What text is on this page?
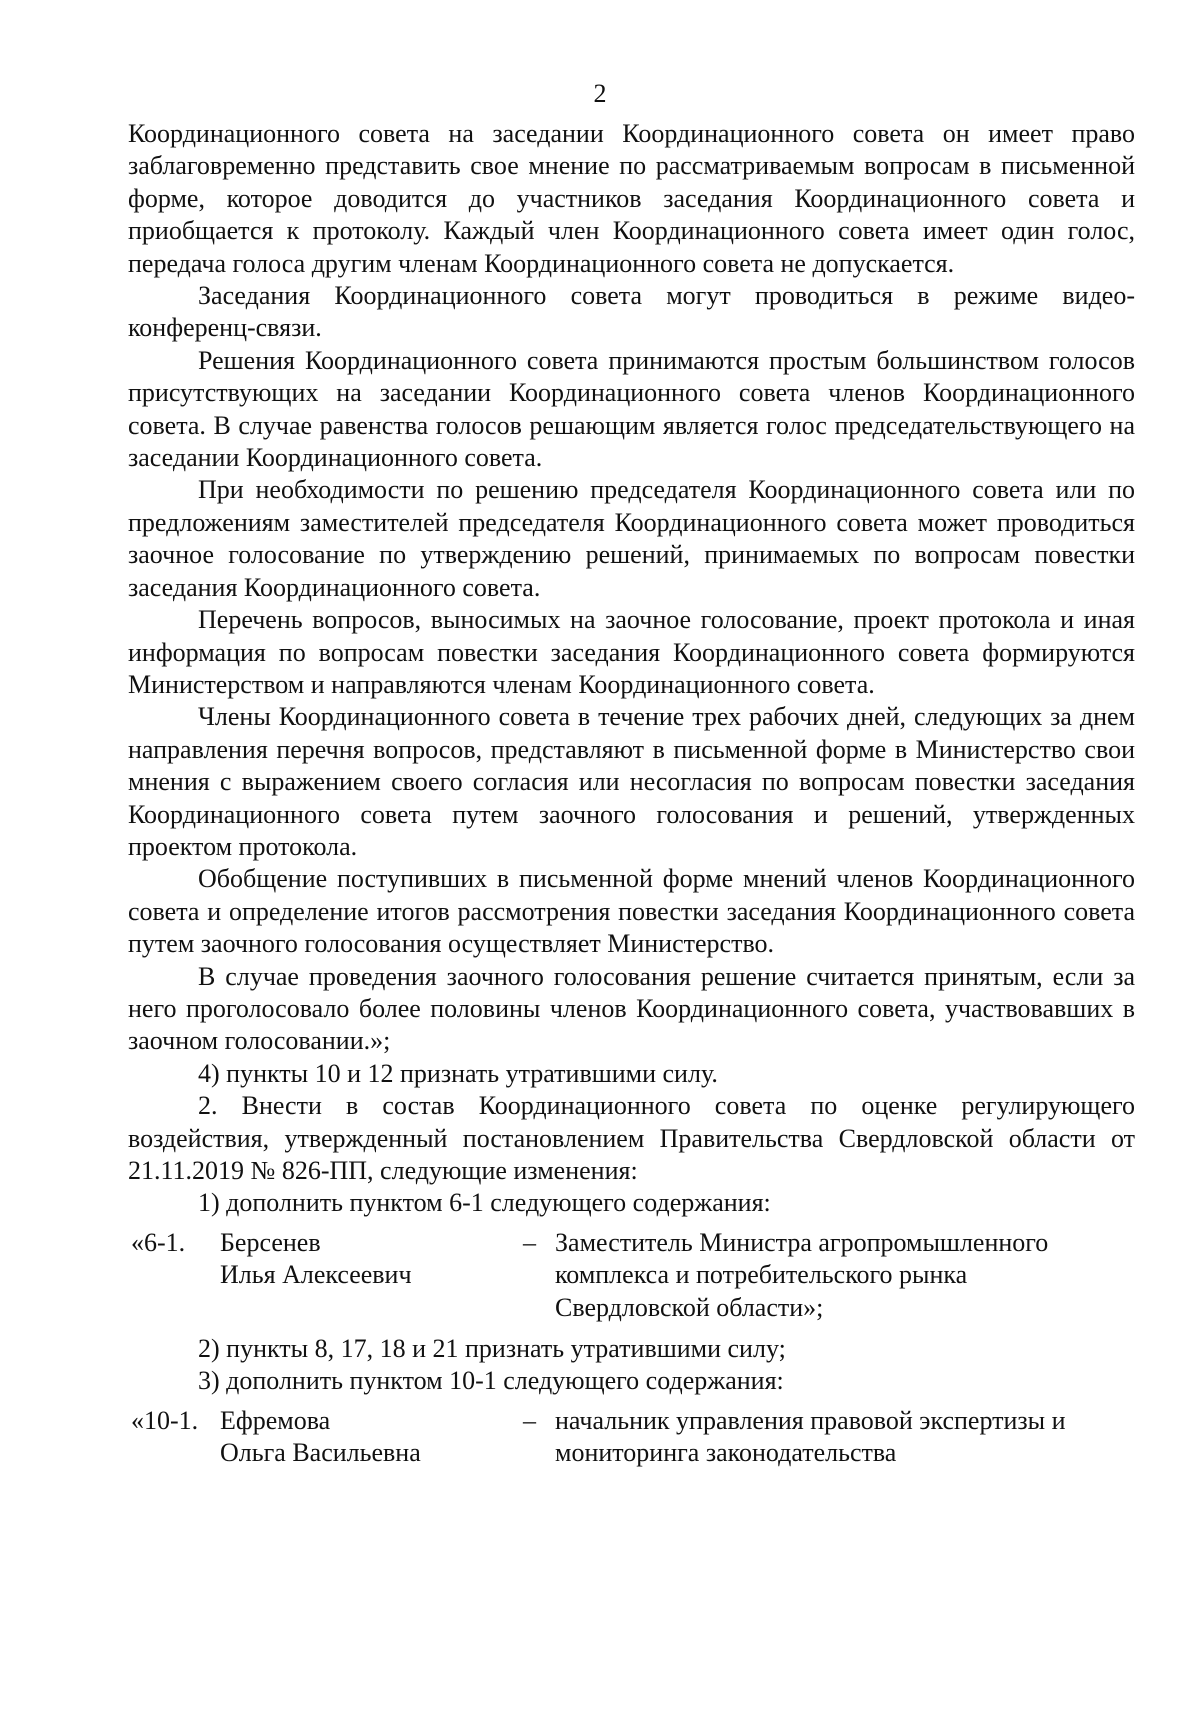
2

Координационного совета на заседании Координационного совета он имеет право заблаговременно представить свое мнение по рассматриваемым вопросам в письменной форме, которое доводится до участников заседания Координационного совета и приобщается к протоколу. Каждый член Координационного совета имеет один голос, передача голоса другим членам Координационного совета не допускается.

Заседания Координационного совета могут проводиться в режиме видео-конференц-связи.

Решения Координационного совета принимаются простым большинством голосов присутствующих на заседании Координационного совета членов Координационного совета. В случае равенства голосов решающим является голос председательствующего на заседании Координационного совета.

При необходимости по решению председателя Координационного совета или по предложениям заместителей председателя Координационного совета может проводиться заочное голосование по утверждению решений, принимаемых по вопросам повестки заседания Координационного совета.

Перечень вопросов, выносимых на заочное голосование, проект протокола и иная информация по вопросам повестки заседания Координационного совета формируются Министерством и направляются членам Координационного совета.

Члены Координационного совета в течение трех рабочих дней, следующих за днем направления перечня вопросов, представляют в письменной форме в Министерство свои мнения с выражением своего согласия или несогласия по вопросам повестки заседания Координационного совета путем заочного голосования и решений, утвержденных проектом протокола.

Обобщение поступивших в письменной форме мнений членов Координационного совета и определение итогов рассмотрения повестки заседания Координационного совета путем заочного голосования осуществляет Министерство.

В случае проведения заочного голосования решение считается принятым, если за него проголосовало более половины членов Координационного совета, участвовавших в заочном голосовании.»;

4) пункты 10 и 12 признать утратившими силу.

2. Внести в состав Координационного совета по оценке регулирующего воздействия, утвержденный постановлением Правительства Свердловской области от 21.11.2019 № 826-ПП, следующие изменения:

1) дополнить пунктом 6-1 следующего содержания:

«6-1.	Берсенев
Илья Алексеевич
– Заместитель Министра агропромышленного комплекса и потребительского рынка Свердловской области»;

2) пункты 8, 17, 18 и 21 признать утратившими силу;

3) дополнить пунктом 10-1 следующего содержания:

«10-1. Ефремова
Ольга Васильевна
– начальник управления правовой экспертизы и мониторинга законодательства
